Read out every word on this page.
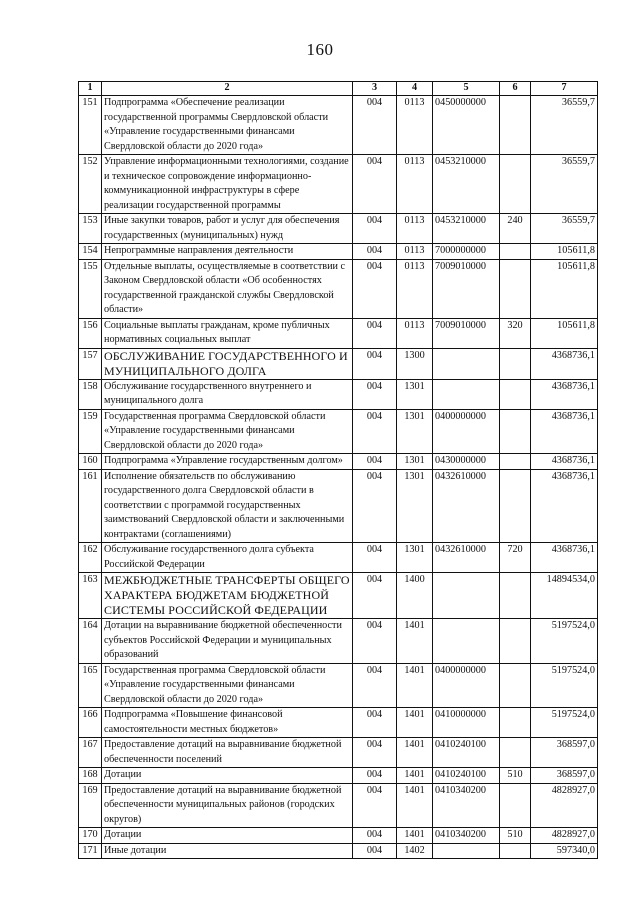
160
1	2	3	4	5	6	7
151	Подпрограмма «Обеспечение реализации государственной программы Свердловской области «Управление государственными финансами Свердловской области до 2020 года»	004	0113	0450000000		36559,7
152	Управление информационными технологиями, создание и техническое сопровождение информационно-коммуникационной инфраструктуры в сфере реализации государственной программы	004	0113	0453210000		36559,7
153	Иные закупки товаров, работ и услуг для обеспечения государственных (муниципальных) нужд	004	0113	0453210000	240	36559,7
154	Непрограммные направления деятельности	004	0113	7000000000		105611,8
155	Отдельные выплаты, осуществляемые в соответствии с Законом Свердловской области «Об особенностях государственной гражданской службы Свердловской области»	004	0113	7009010000		105611,8
156	Социальные выплаты гражданам, кроме публичных нормативных социальных выплат	004	0113	7009010000	320	105611,8
157	ОБСЛУЖИВАНИЕ ГОСУДАРСТВЕННОГО И МУНИЦИПАЛЬНОГО ДОЛГА	004	1300			4368736,1
158	Обслуживание государственного внутреннего и муниципального долга	004	1301			4368736,1
159	Государственная программа Свердловской области «Управление государственными финансами Свердловской области до 2020 года»	004	1301	0400000000		4368736,1
160	Подпрограмма «Управление государственным долгом»	004	1301	0430000000		4368736,1
161	Исполнение обязательств по обслуживанию государственного долга Свердловской области в соответствии с программой государственных заимствований Свердловской области и заключенными контрактами (соглашениями)	004	1301	0432610000		4368736,1
162	Обслуживание государственного долга субъекта Российской Федерации	004	1301	0432610000	720	4368736,1
163	МЕЖБЮДЖЕТНЫЕ ТРАНСФЕРТЫ ОБЩЕГО ХАРАКТЕРА БЮДЖЕТАМ БЮДЖЕТНОЙ СИСТЕМЫ РОССИЙСКОЙ ФЕДЕРАЦИИ	004	1400			14894534,0
164	Дотации на выравнивание бюджетной обеспеченности субъектов Российской Федерации и муниципальных образований	004	1401			5197524,0
165	Государственная программа Свердловской области «Управление государственными финансами Свердловской области до 2020 года»	004	1401	0400000000		5197524,0
166	Подпрограмма «Повышение финансовой самостоятельности местных бюджетов»	004	1401	0410000000		5197524,0
167	Предоставление дотаций на выравнивание бюджетной обеспеченности поселений	004	1401	0410240100		368597,0
168	Дотации	004	1401	0410240100	510	368597,0
169	Предоставление дотаций на выравнивание бюджетной обеспеченности муниципальных районов (городских округов)	004	1401	0410340200		4828927,0
170	Дотации	004	1401	0410340200	510	4828927,0
171	Иные дотации	004	1402			597340,0
